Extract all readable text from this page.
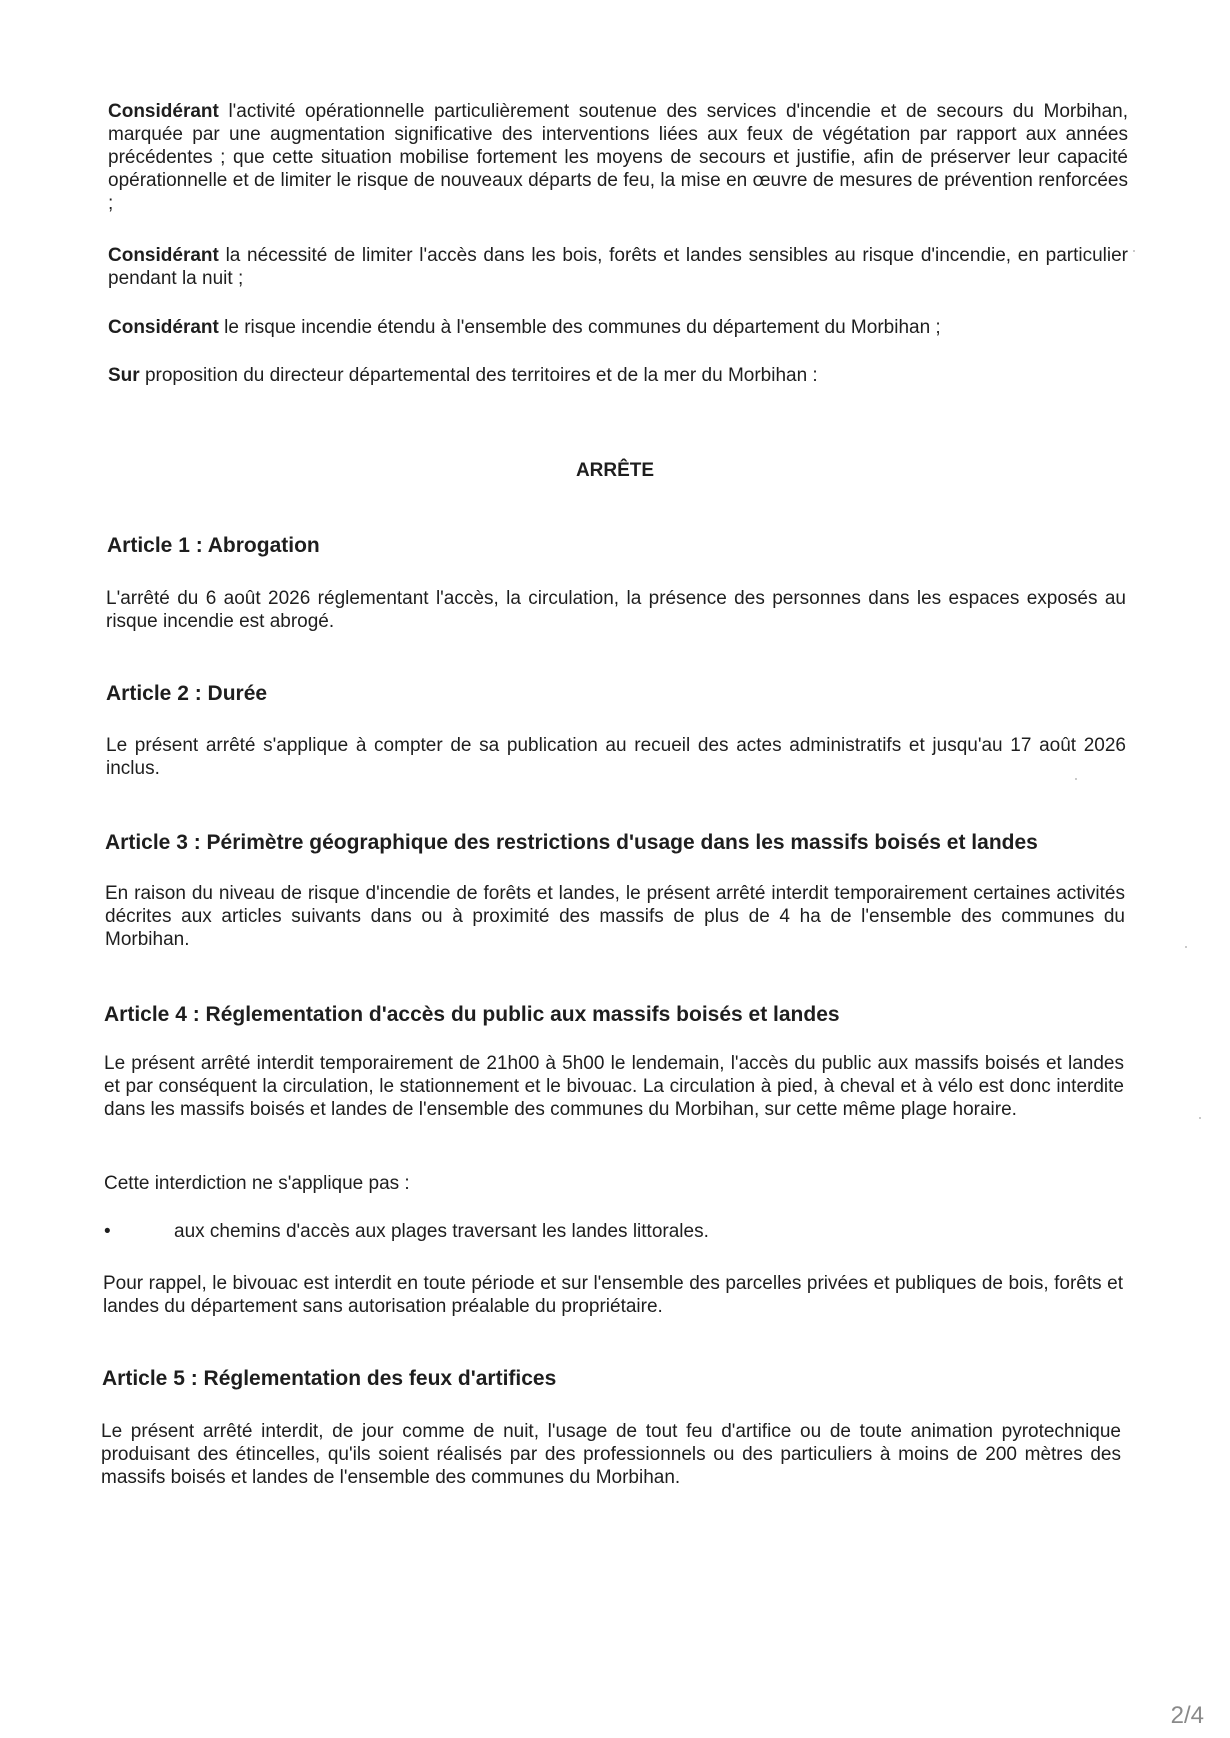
Considérant l'activité opérationnelle particulièrement soutenue des services d'incendie et de secours du Morbihan, marquée par une augmentation significative des interventions liées aux feux de végétation par rapport aux années précédentes ; que cette situation mobilise fortement les moyens de secours et justifie, afin de préserver leur capacité opérationnelle et de limiter le risque de nouveaux départs de feu, la mise en œuvre de mesures de prévention renforcées ;

Considérant la nécessité de limiter l'accès dans les bois, forêts et landes sensibles au risque d'incendie, en particulier pendant la nuit ;

Considérant le risque incendie étendu à l'ensemble des communes du département du Morbihan ;

Sur proposition du directeur départemental des territoires et de la mer du Morbihan :

ARRÊTE
Article 1 : Abrogation

L'arrêté du 6 août 2026 réglementant l'accès, la circulation, la présence des personnes dans les espaces exposés au risque incendie est abrogé.

Article 2 : Durée

Le présent arrêté s'applique à compter de sa publication au recueil des actes administratifs et jusqu'au 17 août 2026 inclus.

Article 3 : Périmètre géographique des restrictions d'usage dans les massifs boisés et landes

En raison du niveau de risque d'incendie de forêts et landes, le présent arrêté interdit temporairement certaines activités décrites aux articles suivants dans ou à proximité des massifs de plus de 4 ha de l'ensemble des communes du Morbihan.

Article 4 : Réglementation d'accès du public aux massifs boisés et landes

Le présent arrêté interdit temporairement de 21h00 à 5h00 le lendemain, l'accès du public aux massifs boisés et landes et par conséquent la circulation, le stationnement et le bivouac. La circulation à pied, à cheval et à vélo est donc interdite dans les massifs boisés et landes de l'ensemble des communes du Morbihan, sur cette même plage horaire.

Cette interdiction ne s'applique pas :

•	aux chemins d'accès aux plages traversant les landes littorales.

Pour rappel, le bivouac est interdit en toute période et sur l'ensemble des parcelles privées et publiques de bois, forêts et landes du département sans autorisation préalable du propriétaire.

Article 5 : Réglementation des feux d'artifices

Le présent arrêté interdit, de jour comme de nuit, l'usage de tout feu d'artifice ou de toute animation pyrotechnique produisant des étincelles, qu'ils soient réalisés par des professionnels ou des particuliers à moins de 200 mètres des massifs boisés et landes de l'ensemble des communes du Morbihan.

2/4
